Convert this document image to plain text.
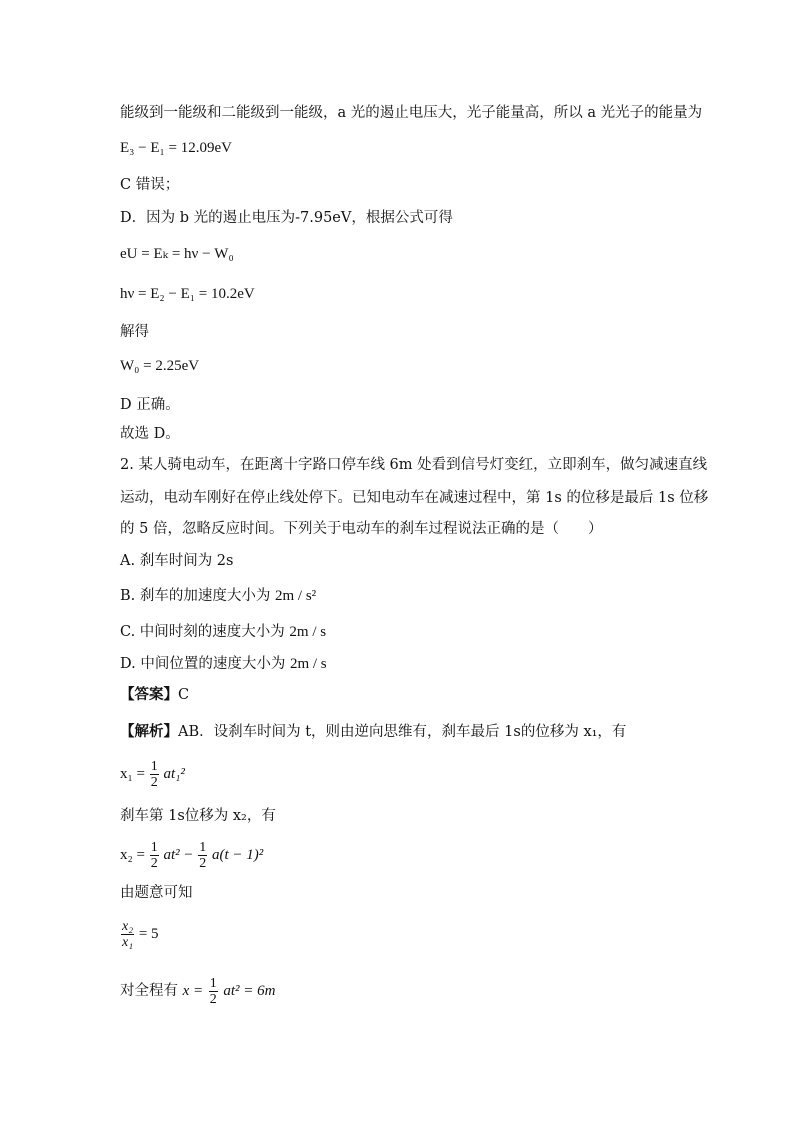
能级到一能级和二能级到一能级，a 光的遏止电压大，光子能量高，所以 a 光光子的能量为
E₃ − E₁ = 12.09eV
C 错误；
D．因为 b 光的遏止电压为-7.95eV，根据公式可得
eU = Eₖ = hν − W₀
hν = E₂ − E₁ = 10.2eV
解得
W₀ = 2.25eV
D 正确。
故选 D。
2. 某人骑电动车，在距离十字路口停车线 6m 处看到信号灯变红，立即刹车，做匀减速直线
运动，电动车刚好在停止线处停下。已知电动车在减速过程中，第 1s 的位移是最后 1s 位移
的 5 倍，忽略反应时间。下列关于电动车的刹车过程说法正确的是（　　）
A. 刹车时间为 2s
B. 刹车的加速度大小为 2m / s²
C. 中间时刻的速度大小为 2m / s
D. 中间位置的速度大小为 2m / s
【答案】C
【解析】AB．设刹车时间为 t，则由逆向思维有，刹车最后 1s的位移为 x₁，有
$x_1 = \frac{1}{2} at_1^2$
刹车第 1s位移为 x₂，有
$x_2 = \frac{1}{2} at^2 - \frac{1}{2} a(t - 1)^2$
由题意可知
$\frac{\text{x₂}}{\text{x₁}} = 5$
对全程有 $x = \frac{1}{2} at^2 = 6m$
